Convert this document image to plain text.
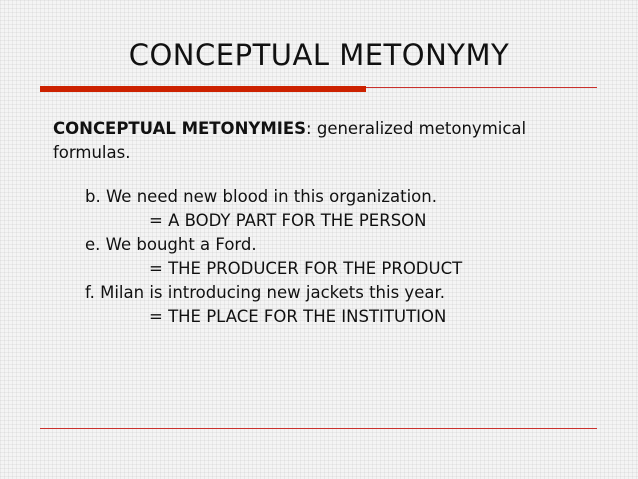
CONCEPTUAL METONYMY

CONCEPTUAL METONYMIES: generalized metonymical formulas.

b. We need new blood in this organization.
= A BODY PART FOR THE PERSON
e. We bought a Ford.
= THE PRODUCER FOR THE PRODUCT
f. Milan is introducing new jackets this year.
= THE PLACE FOR THE INSTITUTION
